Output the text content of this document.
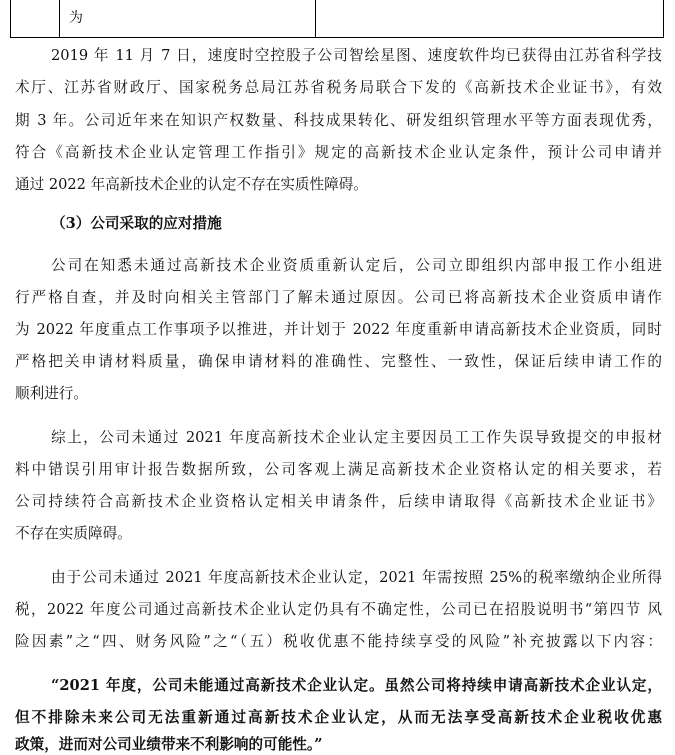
为
2019 年 11 月 7 日，速度时空控股子公司智绘星图、速度软件均已获得由江苏省科学技
术厅、江苏省财政厅、国家税务总局江苏省税务局联合下发的《高新技术企业证书》，有效
期 3 年。公司近年来在知识产权数量、科技成果转化、研发组织管理水平等方面表现优秀，
符合《高新技术企业认定管理工作指引》规定的高新技术企业认定条件，预计公司申请并
通过 2022 年高新技术企业的认定不存在实质性障碍。
（3）公司采取的应对措施
公司在知悉未通过高新技术企业资质重新认定后，公司立即组织内部申报工作小组进
行严格自查，并及时向相关主管部门了解未通过原因。公司已将高新技术企业资质申请作
为 2022 年度重点工作事项予以推进，并计划于 2022 年度重新申请高新技术企业资质，同时
严格把关申请材料质量，确保申请材料的准确性、完整性、一致性，保证后续申请工作的
顺利进行。
综上，公司未通过 2021 年度高新技术企业认定主要因员工工作失误导致提交的申报材
料中错误引用审计报告数据所致，公司客观上满足高新技术企业资格认定的相关要求，若
公司持续符合高新技术企业资格认定相关申请条件，后续申请取得《高新技术企业证书》
不存在实质障碍。
由于公司未通过 2021 年度高新技术企业认定，2021 年需按照 25%的税率缴纳企业所得
税，2022 年度公司通过高新技术企业认定仍具有不确定性，公司已在招股说明书“第四节 风
险因素”之“四、财务风险”之“（五）税收优惠不能持续享受的风险”补充披露以下内容：
“2021 年度，公司未能通过高新技术企业认定。虽然公司将持续申请高新技术企业认定，
但不排除未来公司无法重新通过高新技术企业认定，从而无法享受高新技术企业税收优惠
政策，进而对公司业绩带来不利影响的可能性。”
